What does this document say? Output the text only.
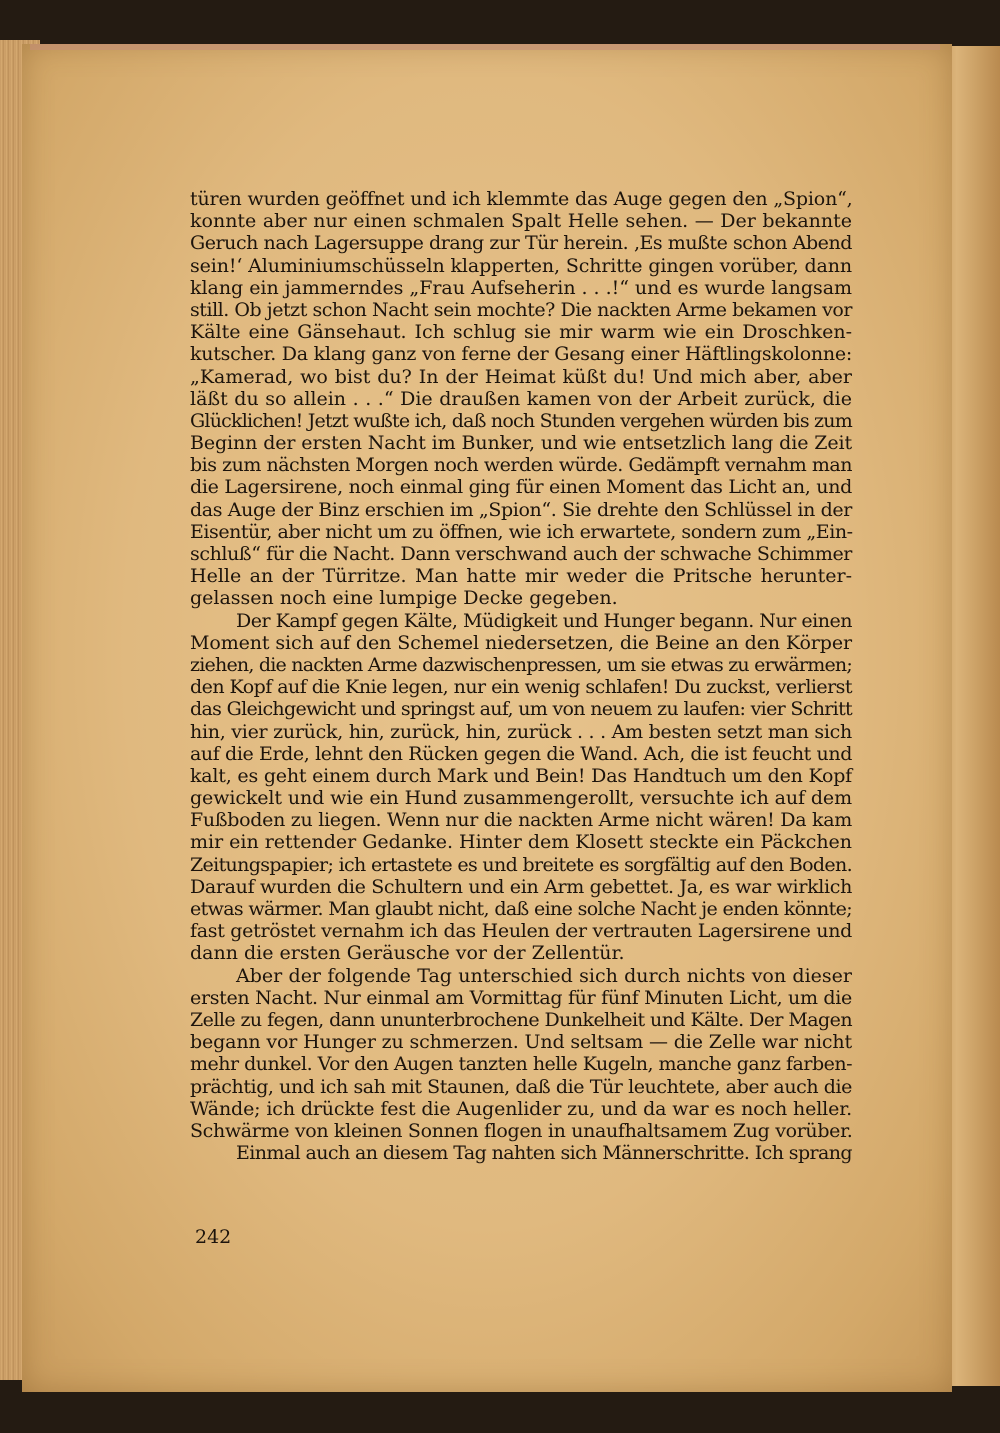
türen wurden geöffnet und ich klemmte das Auge gegen den „Spion“,
konnte aber nur einen schmalen Spalt Helle sehen. — Der bekannte
Geruch nach Lagersuppe drang zur Tür herein. ‚Es mußte schon Abend
sein!‘ Aluminiumschüsseln klapperten, Schritte gingen vorüber, dann
klang ein jammerndes „Frau Aufseherin . . .!“ und es wurde langsam
still. Ob jetzt schon Nacht sein mochte? Die nackten Arme bekamen vor
Kälte eine Gänsehaut. Ich schlug sie mir warm wie ein Droschken-
kutscher. Da klang ganz von ferne der Gesang einer Häftlingskolonne:
„Kamerad, wo bist du? In der Heimat küßt du! Und mich aber, aber
läßt du so allein . . .“ Die draußen kamen von der Arbeit zurück, die
Glücklichen! Jetzt wußte ich, daß noch Stunden vergehen würden bis zum
Beginn der ersten Nacht im Bunker, und wie entsetzlich lang die Zeit
bis zum nächsten Morgen noch werden würde. Gedämpft vernahm man
die Lagersirene, noch einmal ging für einen Moment das Licht an, und
das Auge der Binz erschien im „Spion“. Sie drehte den Schlüssel in der
Eisentür, aber nicht um zu öffnen, wie ich erwartete, sondern zum „Ein-
schluß“ für die Nacht. Dann verschwand auch der schwache Schimmer
Helle an der Türritze. Man hatte mir weder die Pritsche herunter-
gelassen noch eine lumpige Decke gegeben.
Der Kampf gegen Kälte, Müdigkeit und Hunger begann. Nur einen
Moment sich auf den Schemel niedersetzen, die Beine an den Körper
ziehen, die nackten Arme dazwischenpressen, um sie etwas zu erwärmen;
den Kopf auf die Knie legen, nur ein wenig schlafen! Du zuckst, verlierst
das Gleichgewicht und springst auf, um von neuem zu laufen: vier Schritt
hin, vier zurück, hin, zurück, hin, zurück . . . Am besten setzt man sich
auf die Erde, lehnt den Rücken gegen die Wand. Ach, die ist feucht und
kalt, es geht einem durch Mark und Bein! Das Handtuch um den Kopf
gewickelt und wie ein Hund zusammengerollt, versuchte ich auf dem
Fußboden zu liegen. Wenn nur die nackten Arme nicht wären! Da kam
mir ein rettender Gedanke. Hinter dem Klosett steckte ein Päckchen
Zeitungspapier; ich ertastete es und breitete es sorgfältig auf den Boden.
Darauf wurden die Schultern und ein Arm gebettet. Ja, es war wirklich
etwas wärmer. Man glaubt nicht, daß eine solche Nacht je enden könnte;
fast getröstet vernahm ich das Heulen der vertrauten Lagersirene und
dann die ersten Geräusche vor der Zellentür.
Aber der folgende Tag unterschied sich durch nichts von dieser
ersten Nacht. Nur einmal am Vormittag für fünf Minuten Licht, um die
Zelle zu fegen, dann ununterbrochene Dunkelheit und Kälte. Der Magen
begann vor Hunger zu schmerzen. Und seltsam — die Zelle war nicht
mehr dunkel. Vor den Augen tanzten helle Kugeln, manche ganz farben-
prächtig, und ich sah mit Staunen, daß die Tür leuchtete, aber auch die
Wände; ich drückte fest die Augenlider zu, und da war es noch heller.
Schwärme von kleinen Sonnen flogen in unaufhaltsamem Zug vorüber.
Einmal auch an diesem Tag nahten sich Männerschritte. Ich sprang
242
